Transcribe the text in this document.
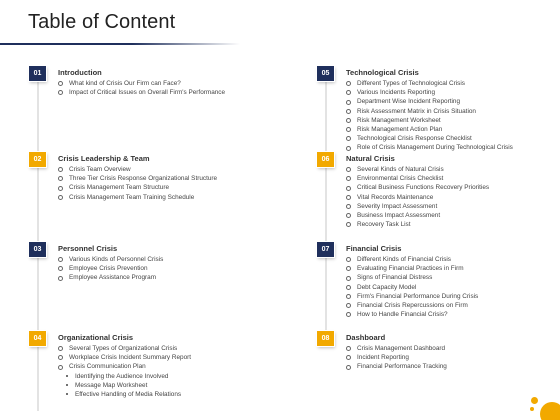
Table of Content
01	Introduction
What kind of Crisis Our Firm can Face?
Impact of Critical Issues on Overall Firm's Performance
02	Crisis Leadership & Team
Crisis Team Overview
Three Tier Crisis Response Organizational Structure
Crisis Management Team Structure
Crisis Management Team Training Schedule
03	Personnel Crisis
Various Kinds of Personnel Crisis
Employee Crisis Prevention
Employee Assistance Program
04	Organizational Crisis
Several Types of Organizational Crisis
Workplace Crisis Incident Summary Report
Crisis Communication Plan
Identifying the Audience Involved
Message Map Worksheet
Effective Handling of Media Relations
05	Technological Crisis
Different Types of Technological Crisis
Various Incidents Reporting
Department Wise Incident Reporting
Risk Assessment Matrix in Crisis Situation
Risk Management Worksheet
Risk Management Action Plan
Technological Crisis Response Checklist
Role of Crisis Management During Technological Crisis
06	Natural Crisis
Several Kinds of Natural Crisis
Environmental Crisis Checklist
Critical Business Functions Recovery Priorities
Vital Records Maintenance
Severity Impact Assessment
Business Impact Assessment
Recovery Task List
07	Financial Crisis
Different Kinds of Financial Crisis
Evaluating Financial Practices in Firm
Signs of Financial Distress
Debt Capacity Model
Firm's Financial Performance During Crisis
Financial Crisis Repercussions on Firm
How to Handle Financial Crisis?
08	Dashboard
Crisis Management Dashboard
Incident Reporting
Financial Performance Tracking
